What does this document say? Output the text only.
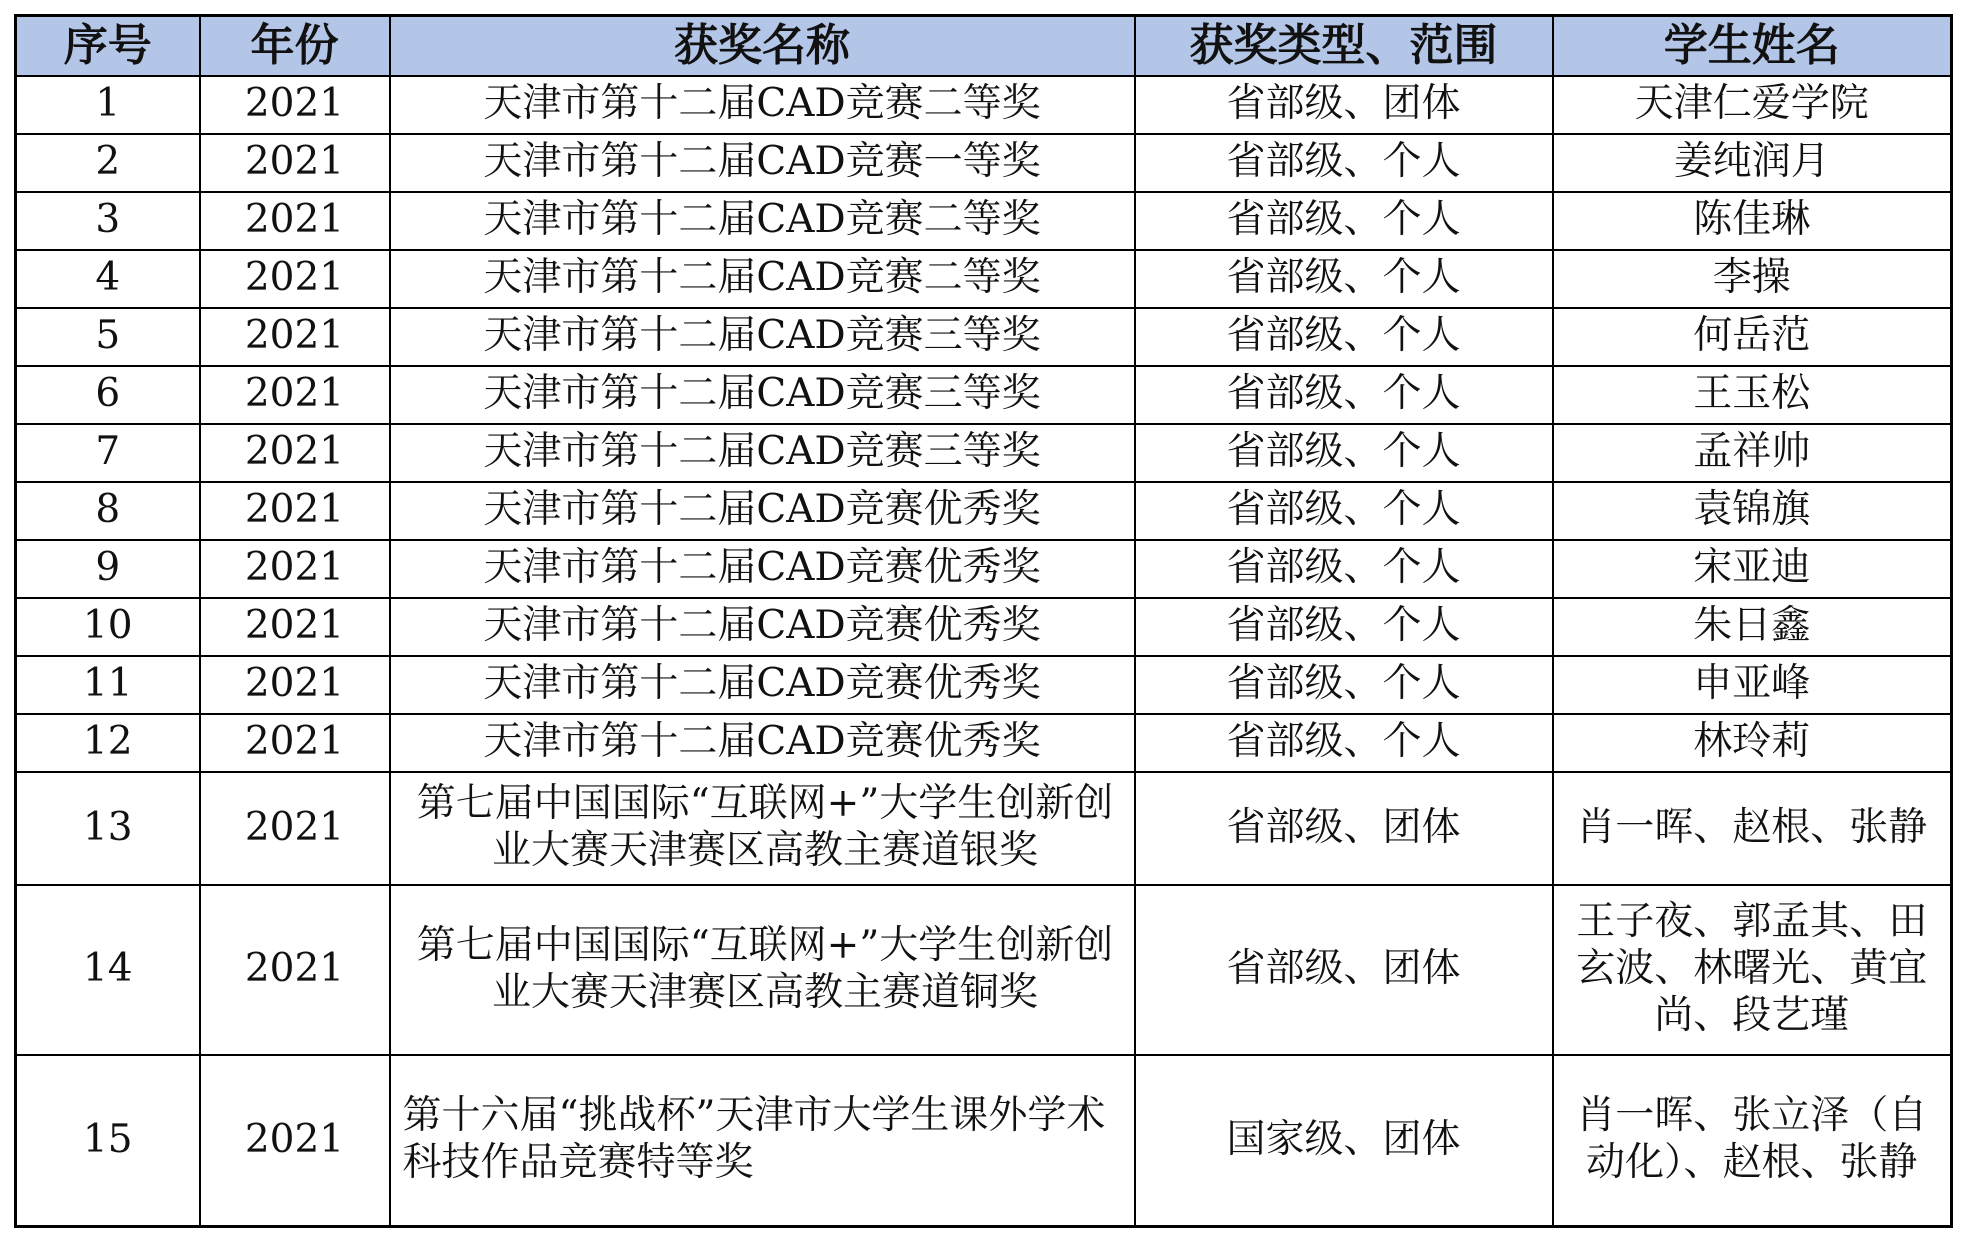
序号	年份	获奖名称	获奖类型、范围	学生姓名
1	2021	天津市第十二届CAD竞赛二等奖	省部级、团体	天津仁爱学院
2	2021	天津市第十二届CAD竞赛一等奖	省部级、个人	姜纯润月
3	2021	天津市第十二届CAD竞赛二等奖	省部级、个人	陈佳琳
4	2021	天津市第十二届CAD竞赛二等奖	省部级、个人	李操
5	2021	天津市第十二届CAD竞赛三等奖	省部级、个人	何岳范
6	2021	天津市第十二届CAD竞赛三等奖	省部级、个人	王玉松
7	2021	天津市第十二届CAD竞赛三等奖	省部级、个人	孟祥帅
8	2021	天津市第十二届CAD竞赛优秀奖	省部级、个人	袁锦旗
9	2021	天津市第十二届CAD竞赛优秀奖	省部级、个人	宋亚迪
10	2021	天津市第十二届CAD竞赛优秀奖	省部级、个人	朱日鑫
11	2021	天津市第十二届CAD竞赛优秀奖	省部级、个人	申亚峰
12	2021	天津市第十二届CAD竞赛优秀奖	省部级、个人	林玲莉
13	2021	第七届中国国际“互联网+”大学生创新创业大赛天津赛区高教主赛道银奖	省部级、团体	肖一晖、赵根、张静
14	2021	第七届中国国际“互联网+”大学生创新创业大赛天津赛区高教主赛道铜奖	省部级、团体	王子夜、郭孟其、田玄波、林曙光、黄宜尚、段艺瑾
15	2021	第十六届“挑战杯”天津市大学生课外学术科技作品竞赛特等奖	国家级、团体	肖一晖、张立泽（自动化）、赵根、张静
